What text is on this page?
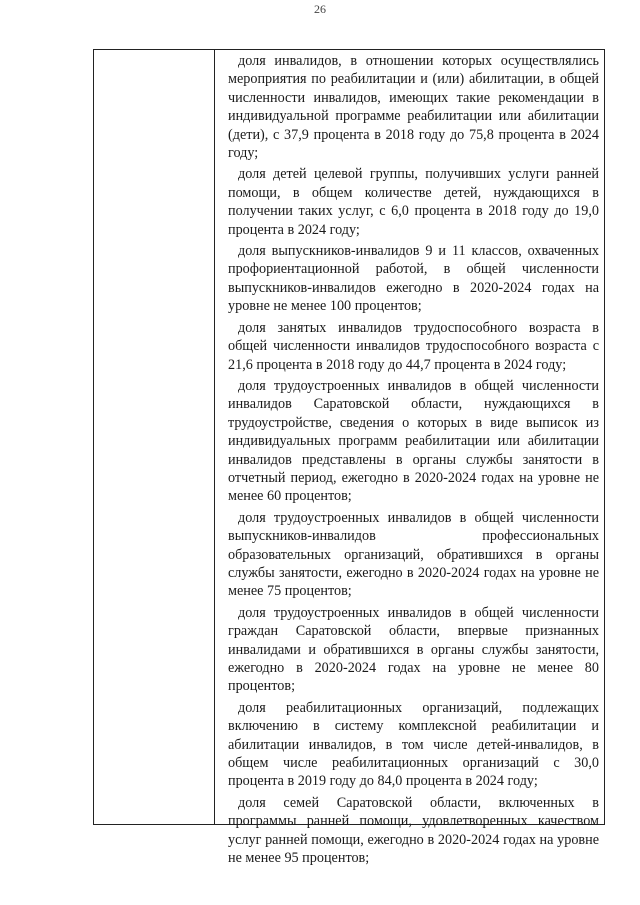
26

доля инвалидов, в отношении которых осуществлялись мероприятия по реабилитации и (или) абилитации, в общей численности инвалидов, имеющих такие рекомендации в индивидуальной программе реабилитации или абилитации (дети), с 37,9 процента в 2018 году до 75,8 процента в 2024 году;

доля детей целевой группы, получивших услуги ранней помощи, в общем количестве детей, нуждающихся в получении таких услуг, с 6,0 процента в 2018 году до 19,0 процента в 2024 году;

доля выпускников-инвалидов 9 и 11 классов, охваченных профориентационной работой, в общей численности выпускников-инвалидов ежегодно в 2020-2024 годах на уровне не менее 100 процентов;

доля занятых инвалидов трудоспособного возраста в общей численности инвалидов трудоспособного возраста с 21,6 процента в 2018 году до 44,7 процента в 2024 году;

доля трудоустроенных инвалидов в общей численности инвалидов Саратовской области, нуждающихся в трудоустройстве, сведения о которых в виде выписок из индивидуальных программ реабилитации или абилитации инвалидов представлены в органы службы занятости в отчетный период, ежегодно в 2020-2024 годах на уровне не менее 60 процентов;

доля трудоустроенных инвалидов в общей численности выпускников-инвалидов профессиональных образовательных организаций, обратившихся в органы службы занятости, ежегодно в 2020-2024 годах на уровне не менее 75 процентов;

доля трудоустроенных инвалидов в общей численности граждан Саратовской области, впервые признанных инвалидами и обратившихся в органы службы занятости, ежегодно в 2020-2024 годах на уровне не менее 80 процентов;

доля реабилитационных организаций, подлежащих включению в систему комплексной реабилитации и абилитации инвалидов, в том числе детей-инвалидов, в общем числе реабилитационных организаций с 30,0 процента в 2019 году до 84,0 процента в 2024 году;

доля семей Саратовской области, включенных в программы ранней помощи, удовлетворенных качеством услуг ранней помощи, ежегодно в 2020-2024 годах на уровне не менее 95 процентов;
